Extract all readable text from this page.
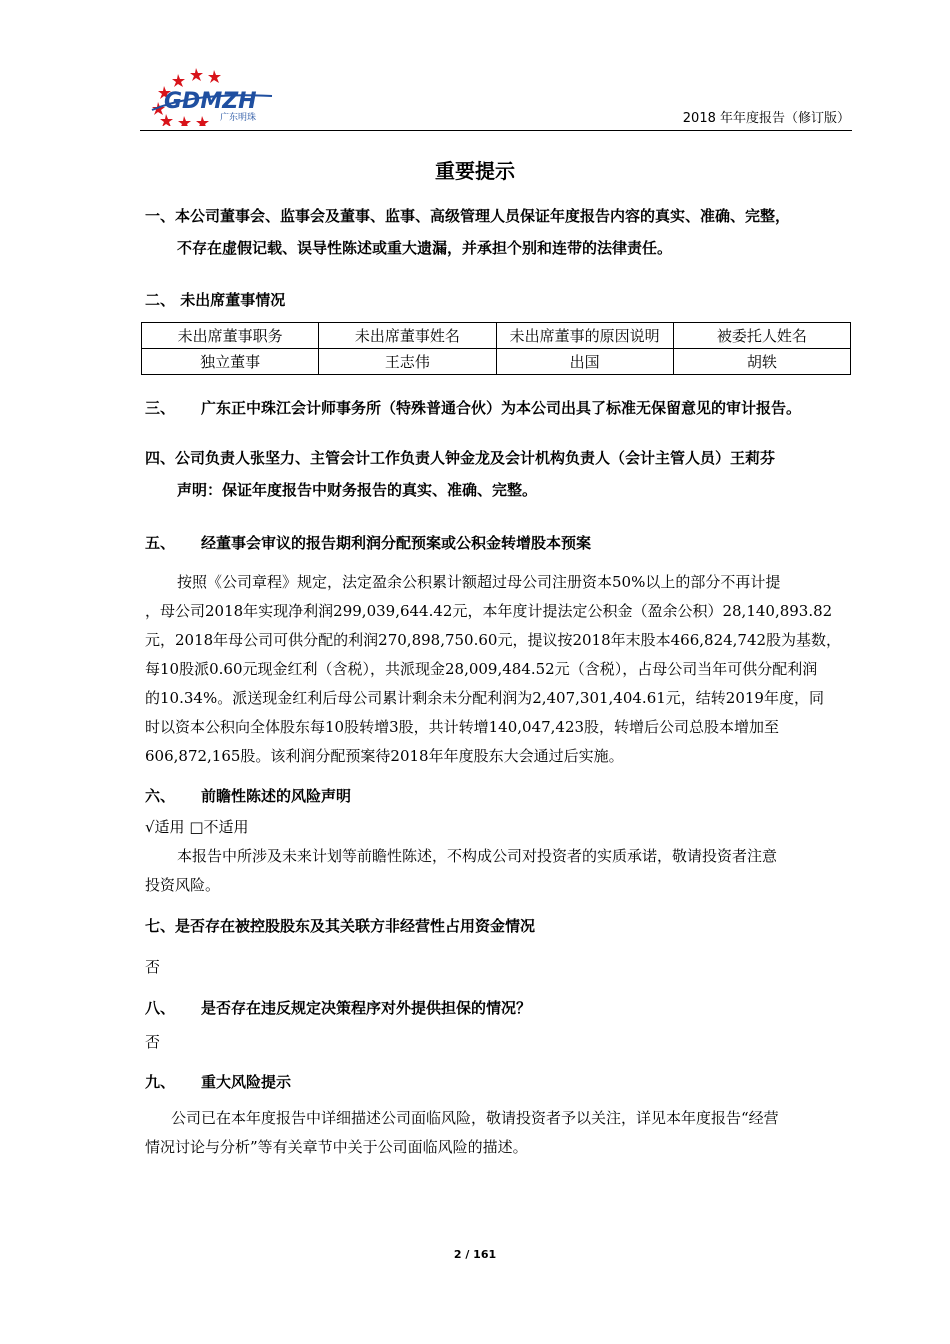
GDMZH
广东明珠	2018 年年度报告（修订版）
重要提示
一、本公司董事会、监事会及董事、监事、高级管理人员保证年度报告内容的真实、准确、完整，
不存在虚假记载、误导性陈述或重大遗漏，并承担个别和连带的法律责任。
二、 未出席董事情况
未出席董事职务	未出席董事姓名	未出席董事的原因说明	被委托人姓名
独立董事	王志伟	出国	胡轶
三、 广东正中珠江会计师事务所（特殊普通合伙）为本公司出具了标准无保留意见的审计报告。
四、公司负责人张坚力、主管会计工作负责人钟金龙及会计机构负责人（会计主管人员）王莉芬
声明：保证年度报告中财务报告的真实、准确、完整。
五、 经董事会审议的报告期利润分配预案或公积金转增股本预案
按照《公司章程》规定，法定盈余公积累计额超过母公司注册资本50%以上的部分不再计提
，母公司2018年实现净利润299,039,644.42元，本年度计提法定公积金（盈余公积）28,140,893.82
元，2018年母公司可供分配的利润270,898,750.60元，提议按2018年末股本466,824,742股为基数，
每10股派0.60元现金红利（含税），共派现金28,009,484.52元（含税），占母公司当年可供分配利润
的10.34%。派送现金红利后母公司累计剩余未分配利润为2,407,301,404.61元，结转2019年度，同
时以资本公积向全体股东每10股转增3股，共计转增140,047,423股，转增后公司总股本增加至
606,872,165股。该利润分配预案待2018年年度股东大会通过后实施。
六、 前瞻性陈述的风险声明
√适用 □不适用
本报告中所涉及未来计划等前瞻性陈述，不构成公司对投资者的实质承诺，敬请投资者注意
投资风险。
七、是否存在被控股股东及其关联方非经营性占用资金情况
否
八、 是否存在违反规定决策程序对外提供担保的情况？
否
九、 重大风险提示
公司已在本年度报告中详细描述公司面临风险，敬请投资者予以关注，详见本年度报告“经营
情况讨论与分析”等有关章节中关于公司面临风险的描述。
2 / 161
